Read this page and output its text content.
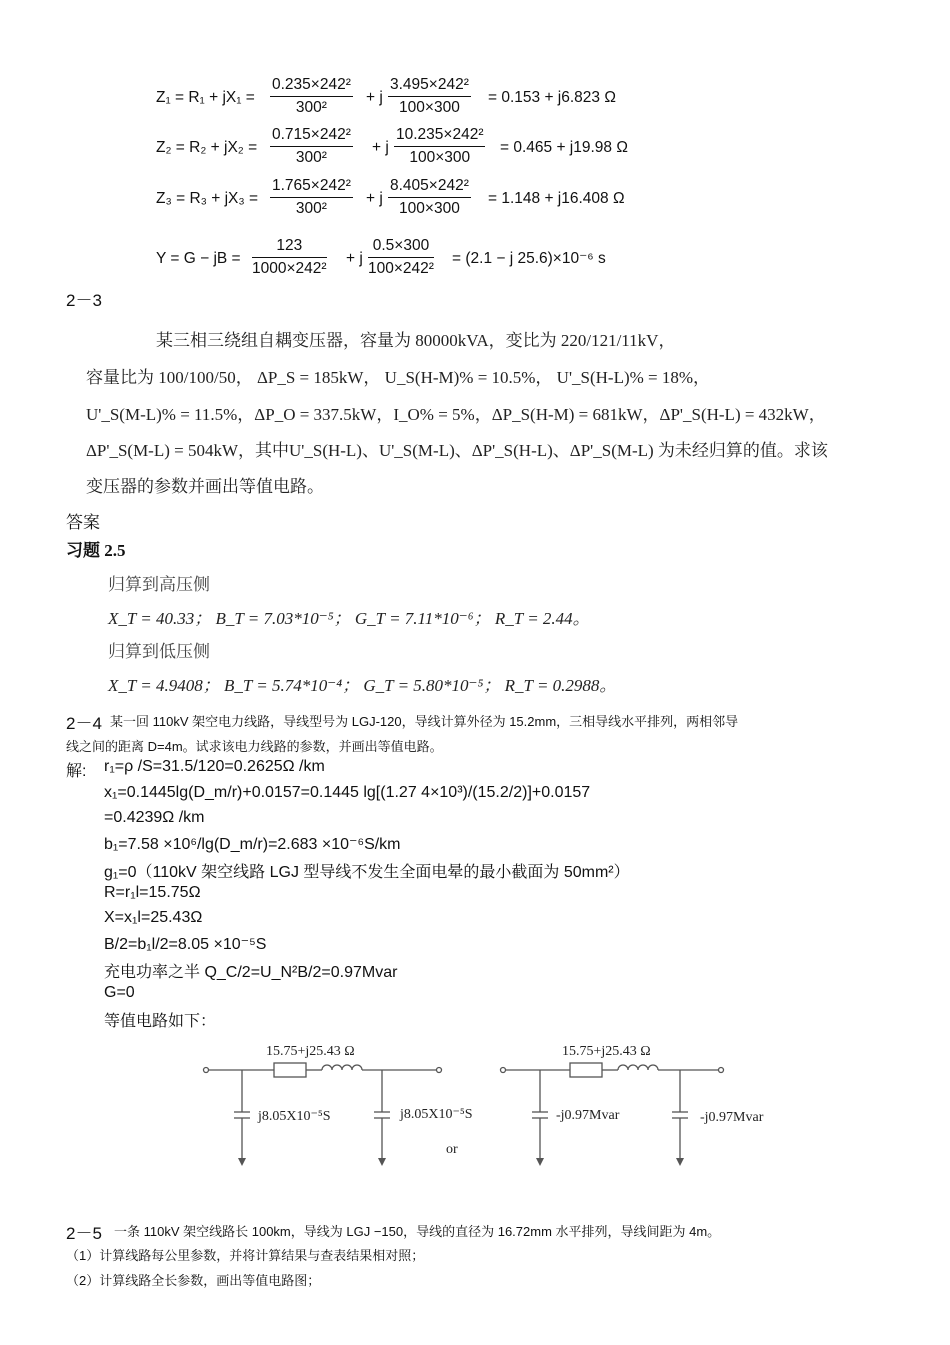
$Z_1 = R_1 + jX_1 = \frac{\text{0.235×242²}}{\text{300²}} + j \frac{\text{3.495×242²}}{100\times 300} = 0.153 + j6.823$ Ω
$Z_2 = R_2 + jX_2 = \frac{\text{0.715×242²}}{\text{300²}} + j \frac{\text{10.235×242²}}{100\times 300} = 0.465 + j19.98$ Ω
$Z_3 = R_3 + jX_3 = \frac{\text{1.765×242²}}{\text{300²}} + j \frac{\text{8.405×242²}}{100\times 300} = 1.148 + j16.408$ Ω
Y = G − jB = $\frac{123}{\text{1000×242²}} + j \frac{0.5\times 300}{\text{100×242²}} = (2.1 - j$ 25.6)×10⁻⁶ s
2－3
某三相三绕组自耦变压器，容量为 80000kVA，变比为 220/121/11kV，
容量比为 100/100/50， ΔP_S = 185kW， U_S(H-M)% = 10.5%， U'_S(H-L)% = 18%，
U'_S(M-L)% = 11.5%，ΔP_O = 337.5kW，I_O% = 5%，ΔP_S(H-M) = 681kW，ΔP'_S(H-L) = 432kW，
ΔP'_S(M-L) = 504kW，其中U'_S(H-L)、U'_S(M-L)、ΔP'_S(H-L)、ΔP'_S(M-L) 为未经归算的值。求该
变压器的参数并画出等值电路。
答案
习题 2.5
归算到高压侧
X_T = 40.33； B_T = 7.03*10⁻⁵； G_T = 7.11*10⁻⁶； R_T = 2.44。
归算到低压侧
X_T = 4.9408； B_T = 5.74*10⁻⁴； G_T = 5.80*10⁻⁵； R_T = 0.2988。
2－4 某一回 110kV 架空电力线路，导线型号为 LGJ-120，导线计算外径为 15.2mm，三相导线水平排列，两相邻导
线之间的距离 D=4m。试求该电力线路的参数，并画出等值电路。
解: r₁=ρ /S=31.5/120=0.2625Ω /km
x₁=0.1445lg(D_m/r)+0.0157=0.1445 lg[(1.27 4×10³)/(15.2/2)]+0.0157
=0.4239Ω /km
b₁=7.58 ×10⁶/lg(D_m/r)=2.683 ×10⁻⁶S/km
g₁=0（110kV 架空线路 LGJ 型导线不发生全面电晕的最小截面为 50mm²）
R=r₁l=15.75Ω
X=x₁l=25.43Ω
B/2=b₁l/2=8.05 ×10⁻⁵S
充电功率之半 Q_C/2=U_N²B/2=0.97Mvar
G=0
等值电路如下：
15.75+j25.43 Ω
j8.05X10⁻⁵S	j8.05X10⁻⁵S
or
15.75+j25.43 Ω
-j0.97Mvar	-j0.97Mvar
2－5 一条 110kV 架空线路长 100km，导线为 LGJ −150，导线的直径为 16.72mm 水平排列，导线间距为 4m。
（1）计算线路每公里参数，并将计算结果与查表结果相对照；
（2）计算线路全长参数，画出等值电路图；
